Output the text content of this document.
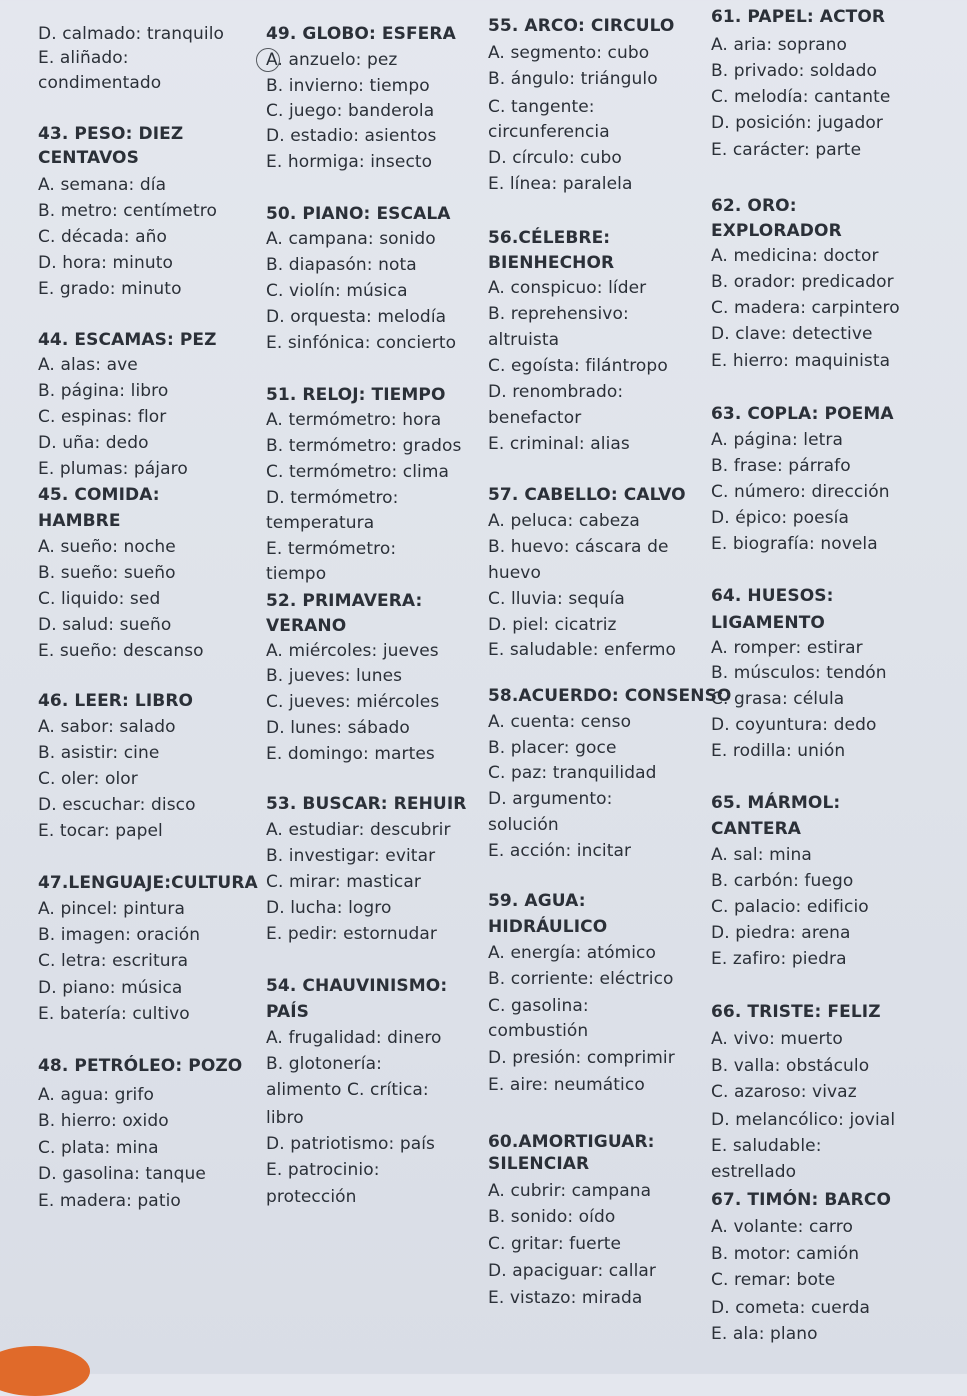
D. calmado: tranquilo
E. aliñado:
condimentado
43. PESO: DIEZ
CENTAVOS
A. semana: día
B. metro: centímetro
C. década: año
D. hora: minuto
E. grado: minuto
44. ESCAMAS: PEZ
A. alas: ave
B. página: libro
C. espinas: flor
D. uña: dedo
E. plumas: pájaro
45. COMIDA:
HAMBRE
A. sueño: noche
B. sueño: sueño
C. liquido: sed
D. salud: sueño
E. sueño: descanso
46. LEER: LIBRO
A. sabor: salado
B. asistir: cine
C. oler: olor
D. escuchar: disco
E. tocar: papel
47.LENGUAJE:CULTURA
A. pincel: pintura
B. imagen: oración
C. letra: escritura
D. piano: música
E. batería: cultivo
48. PETRÓLEO: POZO
A. agua: grifo
B. hierro: oxido
C. plata: mina
D. gasolina: tanque
E. madera: patio
49. GLOBO: ESFERA
A. anzuelo: pez
B. invierno: tiempo
C. juego: banderola
D. estadio: asientos
E. hormiga: insecto
50. PIANO: ESCALA
A. campana: sonido
B. diapasón: nota
C. violín: música
D. orquesta: melodía
E. sinfónica: concierto
51. RELOJ: TIEMPO
A. termómetro: hora
B. termómetro: grados
C. termómetro: clima
D. termómetro:
temperatura
E. termómetro:
tiempo
52. PRIMAVERA:
VERANO
A. miércoles: jueves
B. jueves: lunes
C. jueves: miércoles
D. lunes: sábado
E. domingo: martes
53. BUSCAR: REHUIR
A. estudiar: descubrir
B. investigar: evitar
C. mirar: masticar
D. lucha: logro
E. pedir: estornudar
54. CHAUVINISMO:
PAÍS
A. frugalidad: dinero
B. glotonería:
alimento C. crítica:
libro
D. patriotismo: país
E. patrocinio:
protección
55. ARCO: CIRCULO
A. segmento: cubo
B. ángulo: triángulo
C. tangente:
circunferencia
D. círculo: cubo
E. línea: paralela
56.CÉLEBRE:
BIENHECHOR
A. conspicuo: líder
B. reprehensivo:
altruista
C. egoísta: filántropo
D. renombrado:
benefactor
E. criminal: alias
57. CABELLO: CALVO
A. peluca: cabeza
B. huevo: cáscara de
huevo
C. lluvia: sequía
D. piel: cicatriz
E. saludable: enfermo
58.ACUERDO: CONSENSO
A. cuenta: censo
B. placer: goce
C. paz: tranquilidad
D. argumento:
solución
E. acción: incitar
59. AGUA:
HIDRÁULICO
A. energía: atómico
B. corriente: eléctrico
C. gasolina:
combustión
D. presión: comprimir
E. aire: neumático
60.AMORTIGUAR:
SILENCIAR
A. cubrir: campana
B. sonido: oído
C. gritar: fuerte
D. apaciguar: callar
E. vistazo: mirada
61. PAPEL: ACTOR
A. aria: soprano
B. privado: soldado
C. melodía: cantante
D. posición: jugador
E. carácter: parte
62. ORO:
EXPLORADOR
A. medicina: doctor
B. orador: predicador
C. madera: carpintero
D. clave: detective
E. hierro: maquinista
63. COPLA: POEMA
A. página: letra
B. frase: párrafo
C. número: dirección
D. épico: poesía
E. biografía: novela
64. HUESOS:
LIGAMENTO
A. romper: estirar
B. músculos: tendón
C. grasa: célula
D. coyuntura: dedo
E. rodilla: unión
65. MÁRMOL:
CANTERA
A. sal: mina
B. carbón: fuego
C. palacio: edificio
D. piedra: arena
E. zafiro: piedra
66. TRISTE: FELIZ
A. vivo: muerto
B. valla: obstáculo
C. azaroso: vivaz
D. melancólico: jovial
E. saludable:
estrellado
67. TIMÓN: BARCO
A. volante: carro
B. motor: camión
C. remar: bote
D. cometa: cuerda
E. ala: plano
